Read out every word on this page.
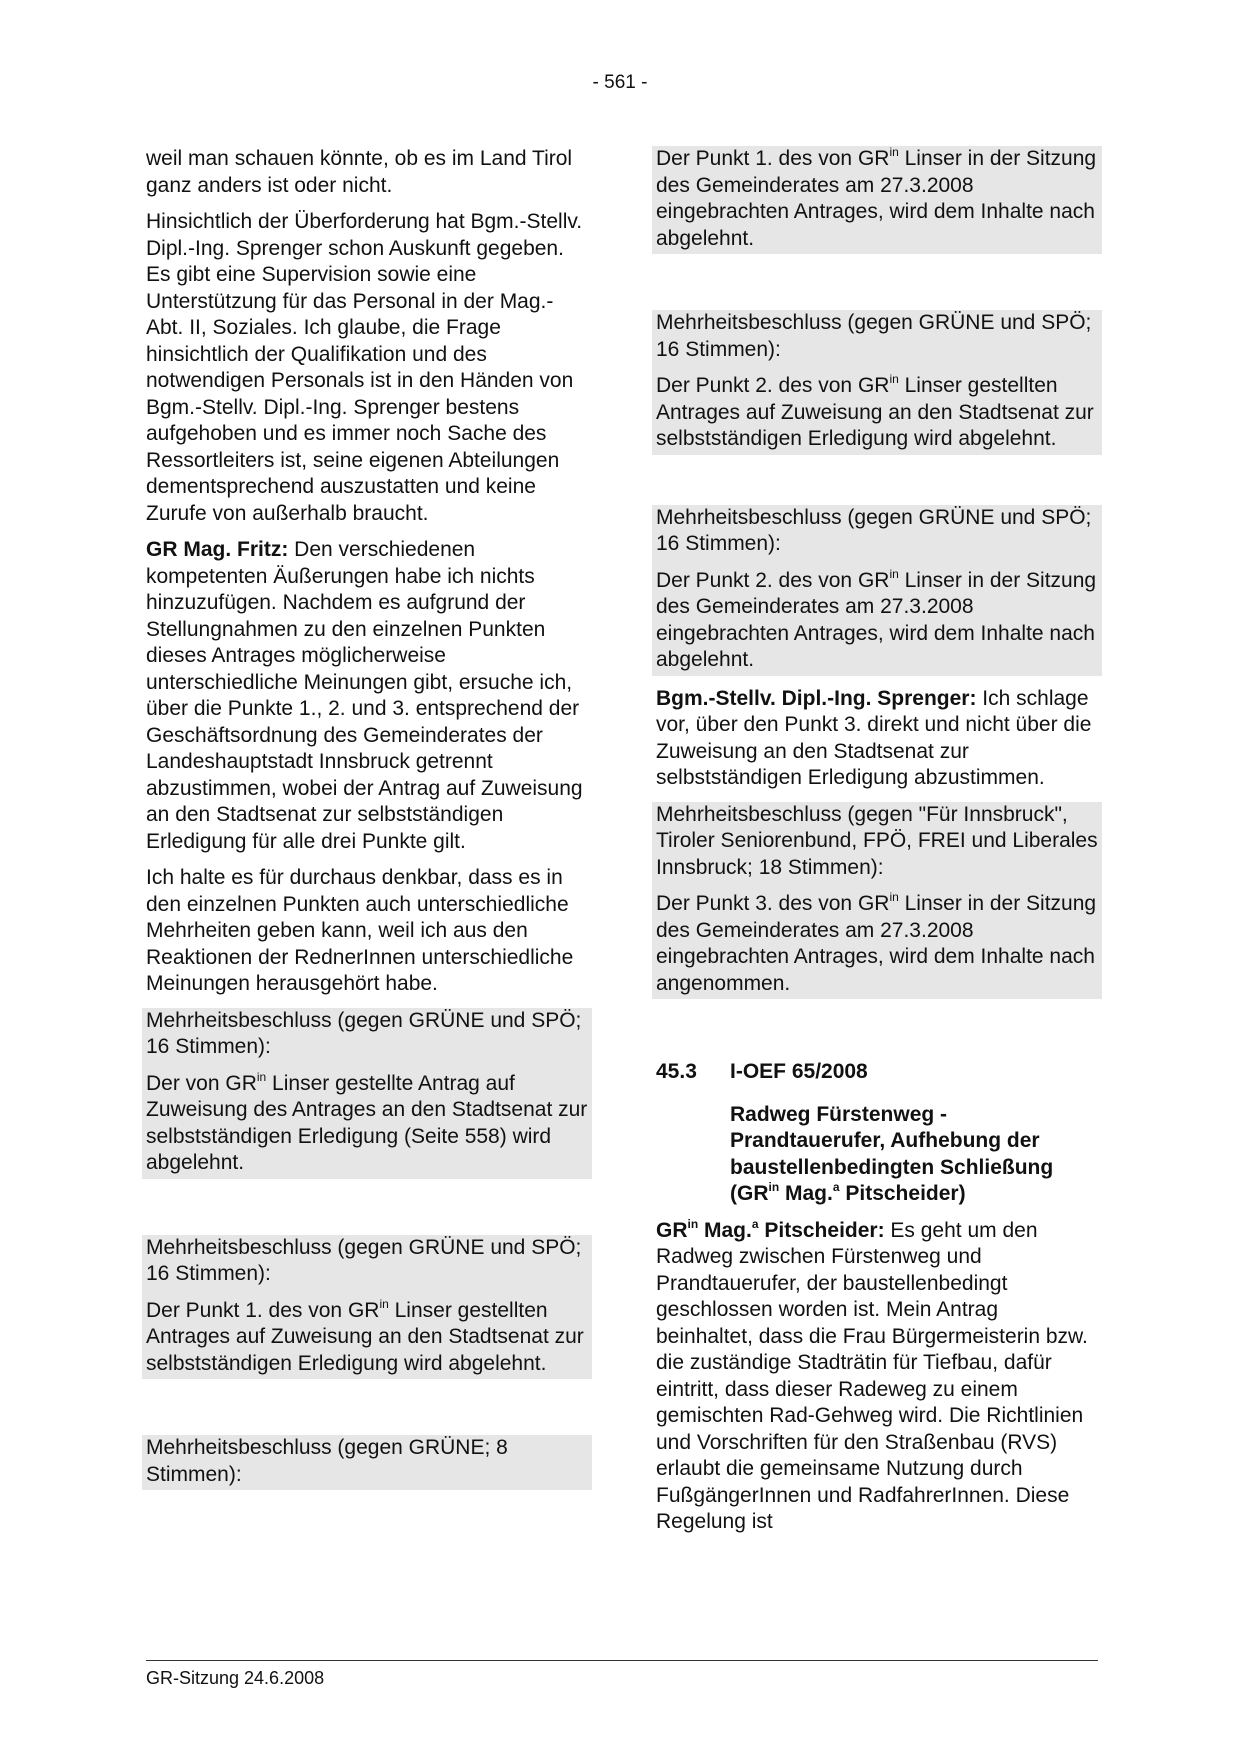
- 561 -

weil man schauen könnte, ob es im Land Tirol ganz anders ist oder nicht.

Hinsichtlich der Überforderung hat Bgm.-Stellv. Dipl.-Ing. Sprenger schon Auskunft gegeben. Es gibt eine Supervision sowie eine Unterstützung für das Personal in der Mag.-Abt. II, Soziales. Ich glaube, die Frage hinsichtlich der Qualifikation und des notwendigen Personals ist in den Händen von Bgm.-Stellv. Dipl.-Ing. Sprenger bestens aufgehoben und es immer noch Sache des Ressortleiters ist, seine eigenen Abteilungen dementsprechend auszustatten und keine Zurufe von außerhalb braucht.

GR Mag. Fritz: Den verschiedenen kompetenten Äußerungen habe ich nichts hinzuzufügen. Nachdem es aufgrund der Stellungnahmen zu den einzelnen Punkten dieses Antrages möglicherweise unterschiedliche Meinungen gibt, ersuche ich, über die Punkte 1., 2. und 3. entsprechend der Geschäftsordnung des Gemeinderates der Landeshauptstadt Innsbruck getrennt abzustimmen, wobei der Antrag auf Zuweisung an den Stadtsenat zur selbstständigen Erledigung für alle drei Punkte gilt.

Ich halte es für durchaus denkbar, dass es in den einzelnen Punkten auch unterschiedliche Mehrheiten geben kann, weil ich aus den Reaktionen der RednerInnen unterschiedliche Meinungen herausgehört habe.

Mehrheitsbeschluss (gegen GRÜNE und SPÖ; 16 Stimmen):

Der von $GR^{in}$ Linser gestellte Antrag auf Zuweisung des Antrages an den Stadtsenat zur selbstständigen Erledigung (Seite 558) wird abgelehnt.

Mehrheitsbeschluss (gegen GRÜNE und SPÖ; 16 Stimmen):

Der Punkt 1. des von $GR^{in}$ Linser gestellten Antrages auf Zuweisung an den Stadtsenat zur selbstständigen Erledigung wird abgelehnt.

Mehrheitsbeschluss (gegen GRÜNE; 8 Stimmen):

Der Punkt 1. des von $GR^{in}$ Linser in der Sitzung des Gemeinderates am 27.3.2008 eingebrachten Antrages, wird dem Inhalte nach abgelehnt.

Mehrheitsbeschluss (gegen GRÜNE und SPÖ; 16 Stimmen):

Der Punkt 2. des von $GR^{in}$ Linser gestellten Antrages auf Zuweisung an den Stadtsenat zur selbstständigen Erledigung wird abgelehnt.

Mehrheitsbeschluss (gegen GRÜNE und SPÖ; 16 Stimmen):

Der Punkt 2. des von $GR^{in}$ Linser in der Sitzung des Gemeinderates am 27.3.2008 eingebrachten Antrages, wird dem Inhalte nach abgelehnt.

Bgm.-Stellv. Dipl.-Ing. Sprenger: Ich schlage vor, über den Punkt 3. direkt und nicht über die Zuweisung an den Stadtsenat zur selbstständigen Erledigung abzustimmen.

Mehrheitsbeschluss (gegen "Für Innsbruck", Tiroler Seniorenbund, FPÖ, FREI und Liberales Innsbruck; 18 Stimmen):

Der Punkt 3. des von $GR^{in}$ Linser in der Sitzung des Gemeinderates am 27.3.2008 eingebrachten Antrages, wird dem Inhalte nach angenommen.

45.3	I-OEF 65/2008
Radweg Fürstenweg - Prandtauerufer, Aufhebung der baustellenbedingten Schließung ($GR^{in}$ Mag.$^a$ Pitscheider)

$GR^{in}$ Mag.$^a$ Pitscheider: Es geht um den Radweg zwischen Fürstenweg und Prandtauerufer, der baustellenbedingt geschlossen worden ist. Mein Antrag beinhaltet, dass die Frau Bürgermeisterin bzw. die zuständige Stadträtin für Tiefbau, dafür eintritt, dass dieser Radeweg zu einem gemischten Rad-Gehweg wird. Die Richtlinien und Vorschriften für den Straßenbau (RVS) erlaubt die gemeinsame Nutzung durch FußgängerInnen und RadfahrerInnen. Diese Regelung ist

GR-Sitzung 24.6.2008
